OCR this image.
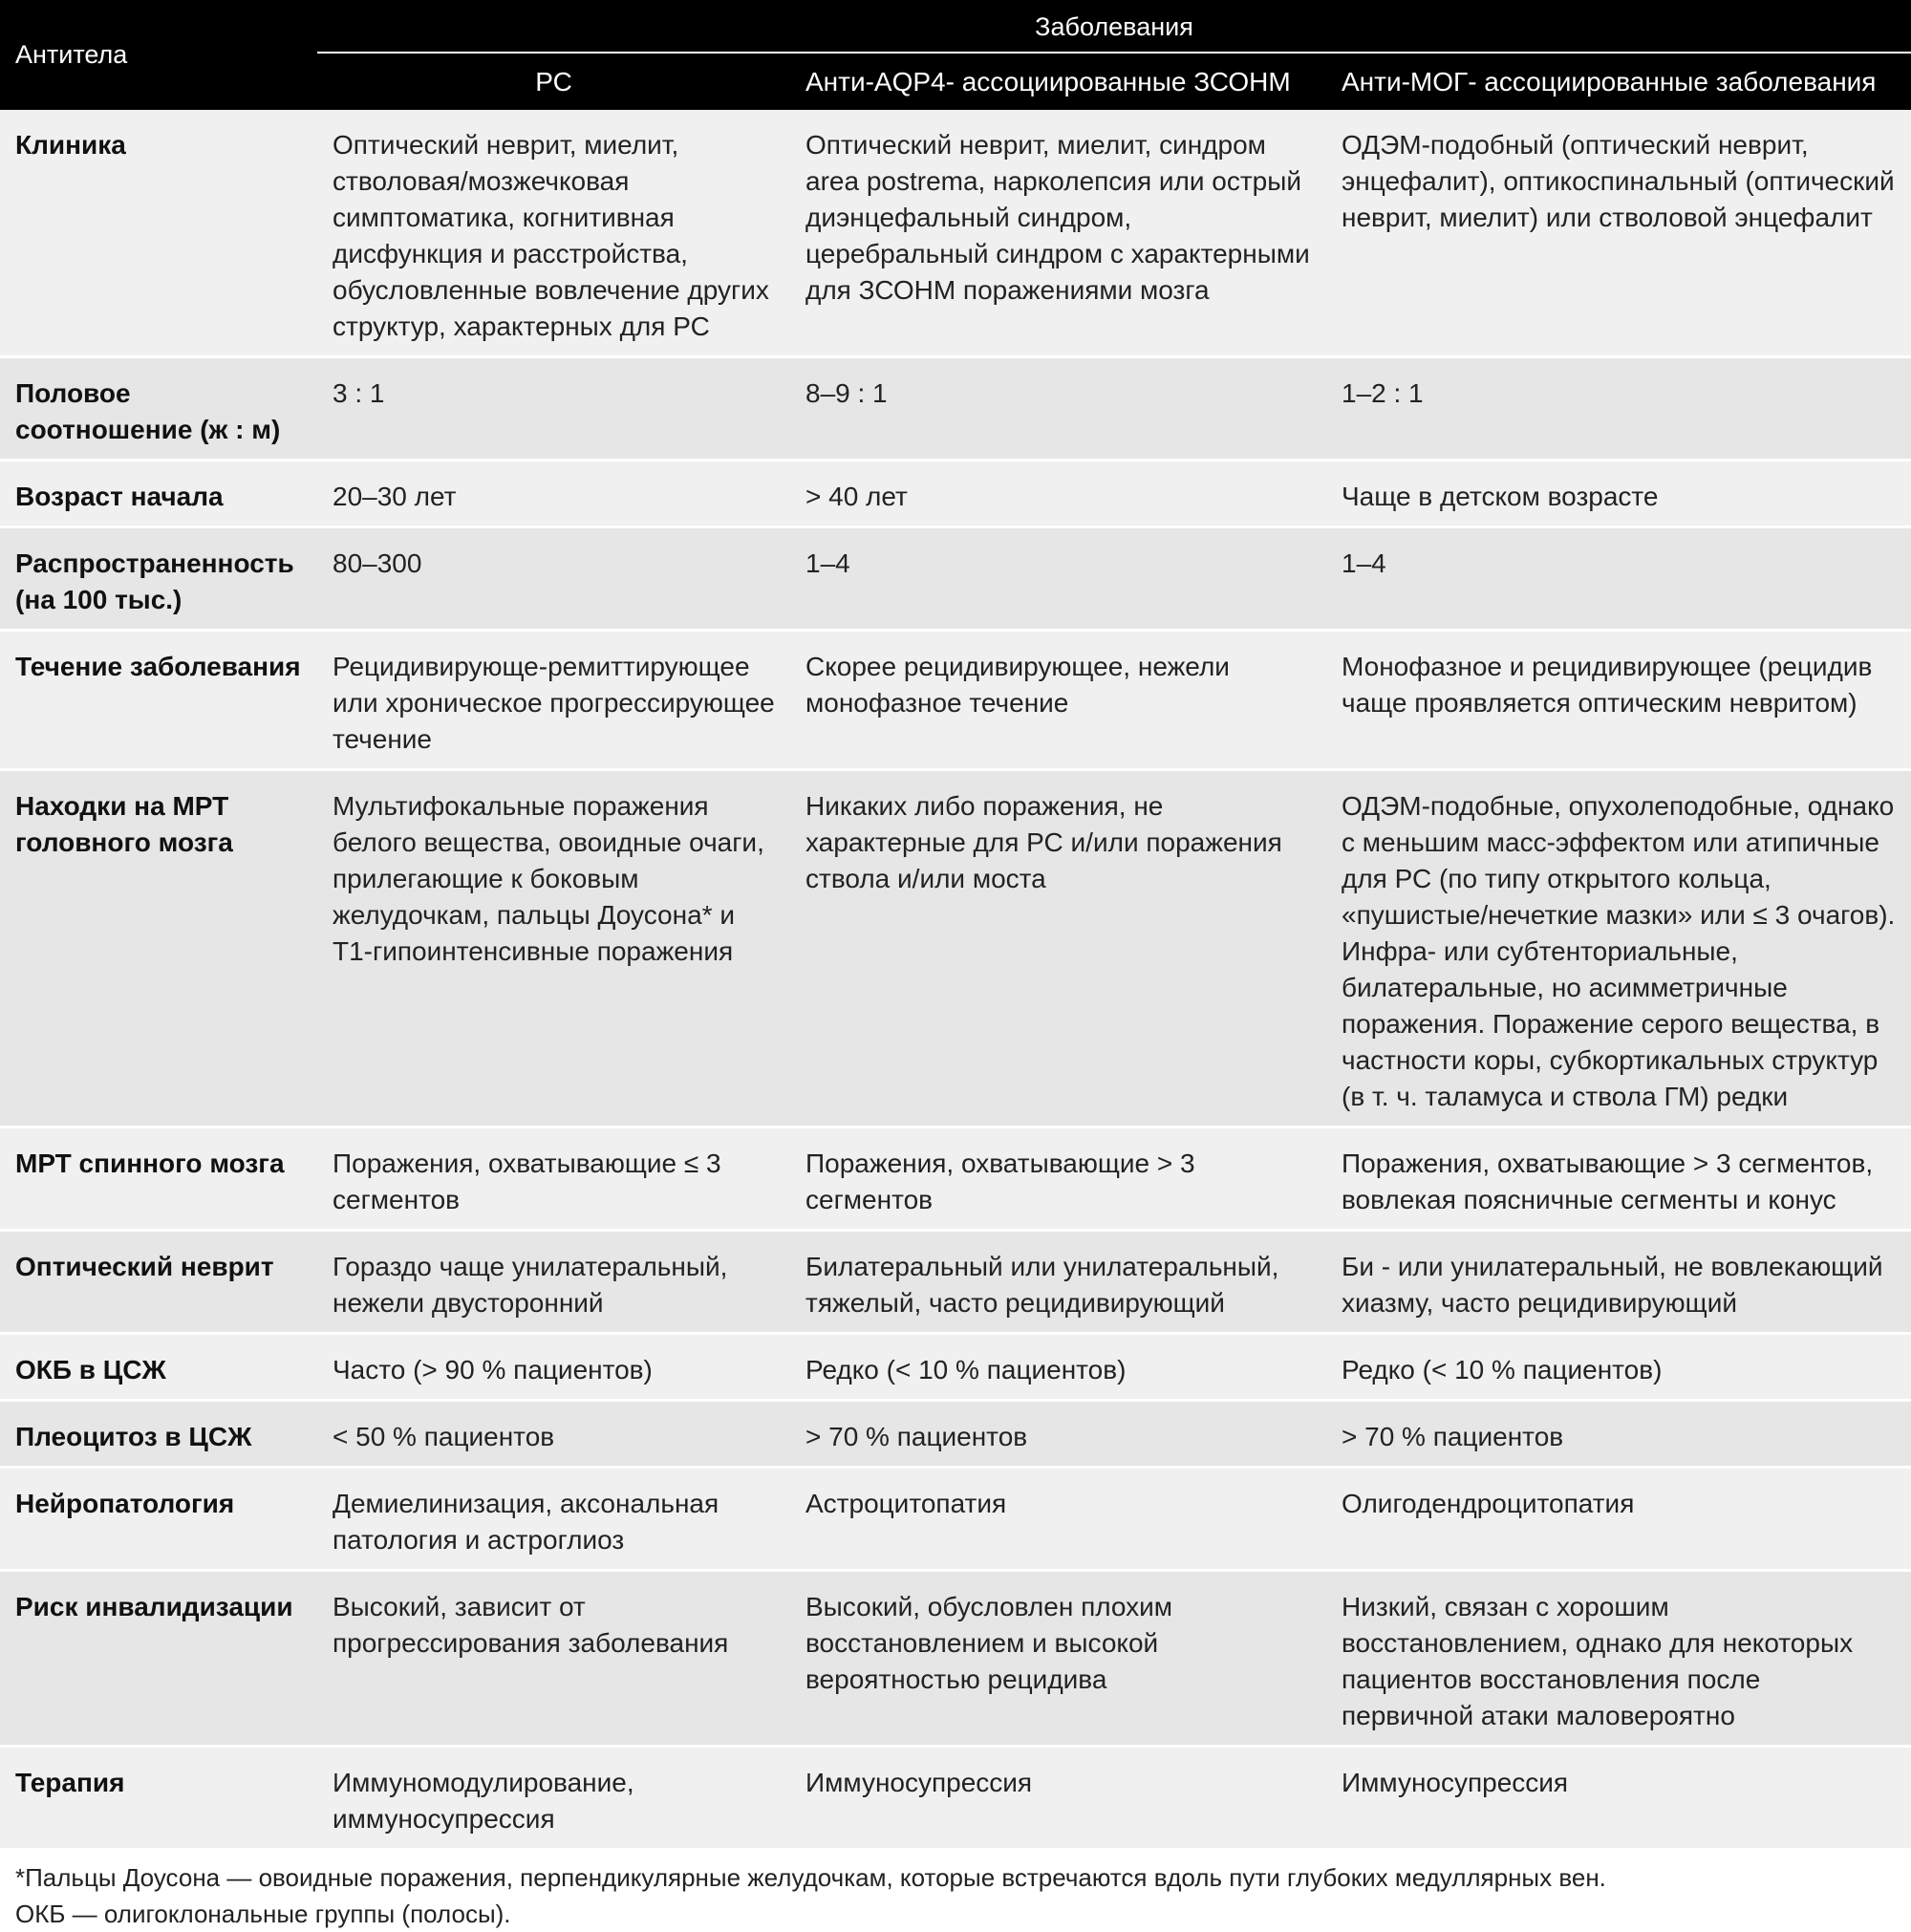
Антитела	Заболевания		

	РС	Анти-AQP4- ассоциированные ЗСОНМ	Анти-МОГ- ассоциированные заболевания
Клиника	Оптический неврит, миелит, стволовая/мозжечковая симптоматика, когнитивная дисфункция и расстройства, обусловленные вовлечение других структур, характерных для РС	Оптический неврит, миелит, синдром area postrema, нарколепсия или острый диэнцефальный синдром, церебральный синдром с характерными для ЗСОНМ поражениями мозга	ОДЭМ-подобный (оптический неврит, энцефалит), оптикоспинальный (оптический неврит, миелит) или стволовой энцефалит
Половое соотношение (ж : м)	3 : 1	8–9 : 1	1–2 : 1
Возраст начала	20–30 лет	> 40 лет	Чаще в детском возрасте
Распространенность (на 100 тыс.)	80–300	1–4	1–4
Течение заболевания	Рецидивирующе-ремиттирующее или хроническое прогрессирующее течение	Скорее рецидивирующее, нежели монофазное течение	Монофазное и рецидивирующее (рецидив чаще проявляется оптическим невритом)
Находки на МРТ головного мозга	Мультифокальные поражения белого вещества, овоидные очаги, прилегающие к боковым желудочкам, пальцы Доусона* и Т1-гипоинтенсивные поражения	Никаких либо поражения, не характерные для РС и/или поражения ствола и/или моста	ОДЭМ-подобные, опухолеподобные, однако с меньшим масс-эффектом или атипичные для РС (по типу открытого кольца, «пушистые/нечеткие мазки» или ≤ 3 очагов). Инфра- или субтенториальные, билатеральные, но асимметричные поражения. Поражение серого вещества, в частности коры, субкортикальных структур (в т. ч. таламуса и ствола ГМ) редки
МРТ спинного мозга	Поражения, охватывающие ≤ 3 сегментов	Поражения, охватывающие > 3 сегментов	Поражения, охватывающие > 3 сегментов, вовлекая поясничные сегменты и конус
Оптический неврит	Гораздо чаще унилатеральный, нежели двусторонний	Билатеральный или унилатеральный, тяжелый, часто рецидивирующий	Би - или унилатеральный, не вовлекающий хиазму, часто рецидивирующий
ОКБ в ЦСЖ	Часто (> 90 % пациентов)	Редко (< 10 % пациентов)	Редко (< 10 % пациентов)
Плеоцитоз в ЦСЖ	< 50 % пациентов	> 70 % пациентов	> 70 % пациентов
Нейропатология	Демиелинизация, аксональная патология и астроглиоз	Астроцитопатия	Олигодендроцитопатия
Риск инвалидизации	Высокий, зависит от прогрессирования заболевания	Высокий, обусловлен плохим восстановлением и высокой вероятностью рецидива	Низкий, связан с хорошим восстановлением, однако для некоторых пациентов восстановления после первичной атаки маловероятно
Терапия	Иммуномодулирование, иммуносупрессия	Иммуносупрессия	Иммуносупрессия
*Пальцы Доусона — овоидные поражения, перпендикулярные желудочкам, которые встречаются вдоль пути глубоких медуллярных вен.
ОКБ — олигоклональные группы (полосы).
